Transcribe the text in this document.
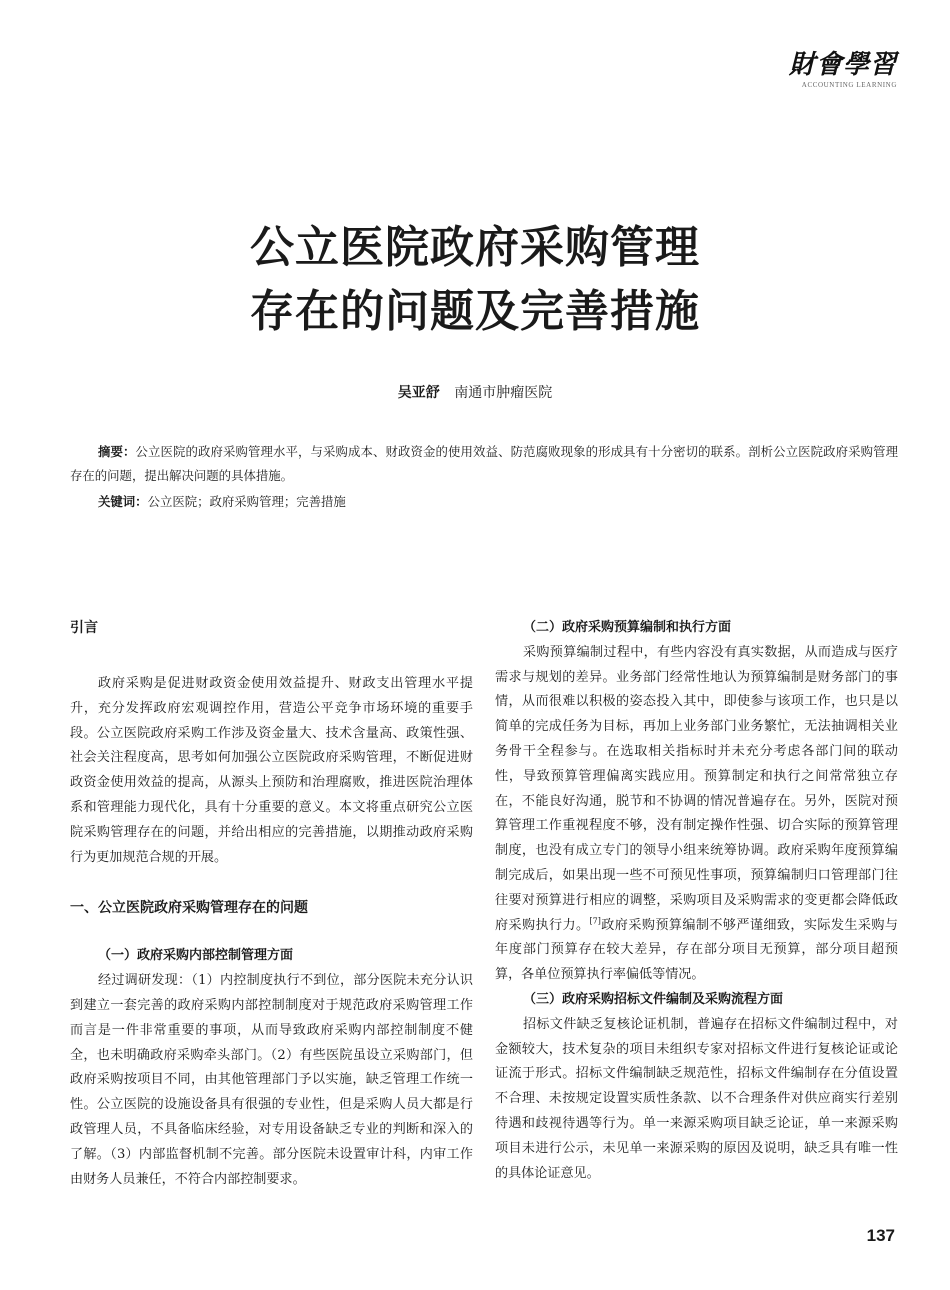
財會學習
ACCOUNTING LEARNING
公立医院政府采购管理
存在的问题及完善措施
吴亚舒 南通市肿瘤医院
摘要：公立医院的政府采购管理水平，与采购成本、财政资金的使用效益、防范腐败现象的形成具有十分密切的联系。剖析公立医院政府采购管理存在的问题，提出解决问题的具体措施。
关键词：公立医院；政府采购管理；完善措施
引言

政府采购是促进财政资金使用效益提升、财政支出管理水平提升，充分发挥政府宏观调控作用，营造公平竞争市场环境的重要手段。公立医院政府采购工作涉及资金量大、技术含量高、政策性强、社会关注程度高，思考如何加强公立医院政府采购管理，不断促进财政资金使用效益的提高，从源头上预防和治理腐败，推进医院治理体系和管理能力现代化，具有十分重要的意义。本文将重点研究公立医院采购管理存在的问题，并给出相应的完善措施，以期推动政府采购行为更加规范合规的开展。

一、公立医院政府采购管理存在的问题
（一）政府采购内部控制管理方面

经过调研发现：（1）内控制度执行不到位，部分医院未充分认识到建立一套完善的政府采购内部控制制度对于规范政府采购管理工作而言是一件非常重要的事项，从而导致政府采购内部控制制度不健全，也未明确政府采购牵头部门。（2）有些医院虽设立采购部门，但政府采购按项目不同，由其他管理部门予以实施，缺乏管理工作统一性。公立医院的设施设备具有很强的专业性，但是采购人员大都是行政管理人员，不具备临床经验，对专用设备缺乏专业的判断和深入的了解。（3）内部监督机制不完善。部分医院未设置审计科，内审工作由财务人员兼任，不符合内部控制要求。

（二）政府采购预算编制和执行方面

采购预算编制过程中，有些内容没有真实数据，从而造成与医疗需求与规划的差异。业务部门经常性地认为预算编制是财务部门的事情，从而很难以积极的姿态投入其中，即使参与该项工作，也只是以简单的完成任务为目标，再加上业务部门业务繁忙，无法抽调相关业务骨干全程参与。在选取相关指标时并未充分考虑各部门间的联动性，导致预算管理偏离实践应用。预算制定和执行之间常常独立存在，不能良好沟通，脱节和不协调的情况普遍存在。另外，医院对预算管理工作重视程度不够，没有制定操作性强、切合实际的预算管理制度，也没有成立专门的领导小组来统筹协调。政府采购年度预算编制完成后，如果出现一些不可预见性事项，预算编制归口管理部门往往要对预算进行相应的调整，采购项目及采购需求的变更都会降低政府采购执行力。[7]政府采购预算编制不够严谨细致，实际发生采购与年度部门预算存在较大差异，存在部分项目无预算，部分项目超预算，各单位预算执行率偏低等情况。

（三）政府采购招标文件编制及采购流程方面

招标文件缺乏复核论证机制，普遍存在招标文件编制过程中，对金额较大，技术复杂的项目未组织专家对招标文件进行复核论证或论证流于形式。招标文件编制缺乏规范性，招标文件编制存在分值设置不合理、未按规定设置实质性条款、以不合理条件对供应商实行差别待遇和歧视待遇等行为。单一来源采购项目缺乏论证，单一来源采购项目未进行公示，未见单一来源采购的原因及说明，缺乏具有唯一性的具体论证意见。

137
